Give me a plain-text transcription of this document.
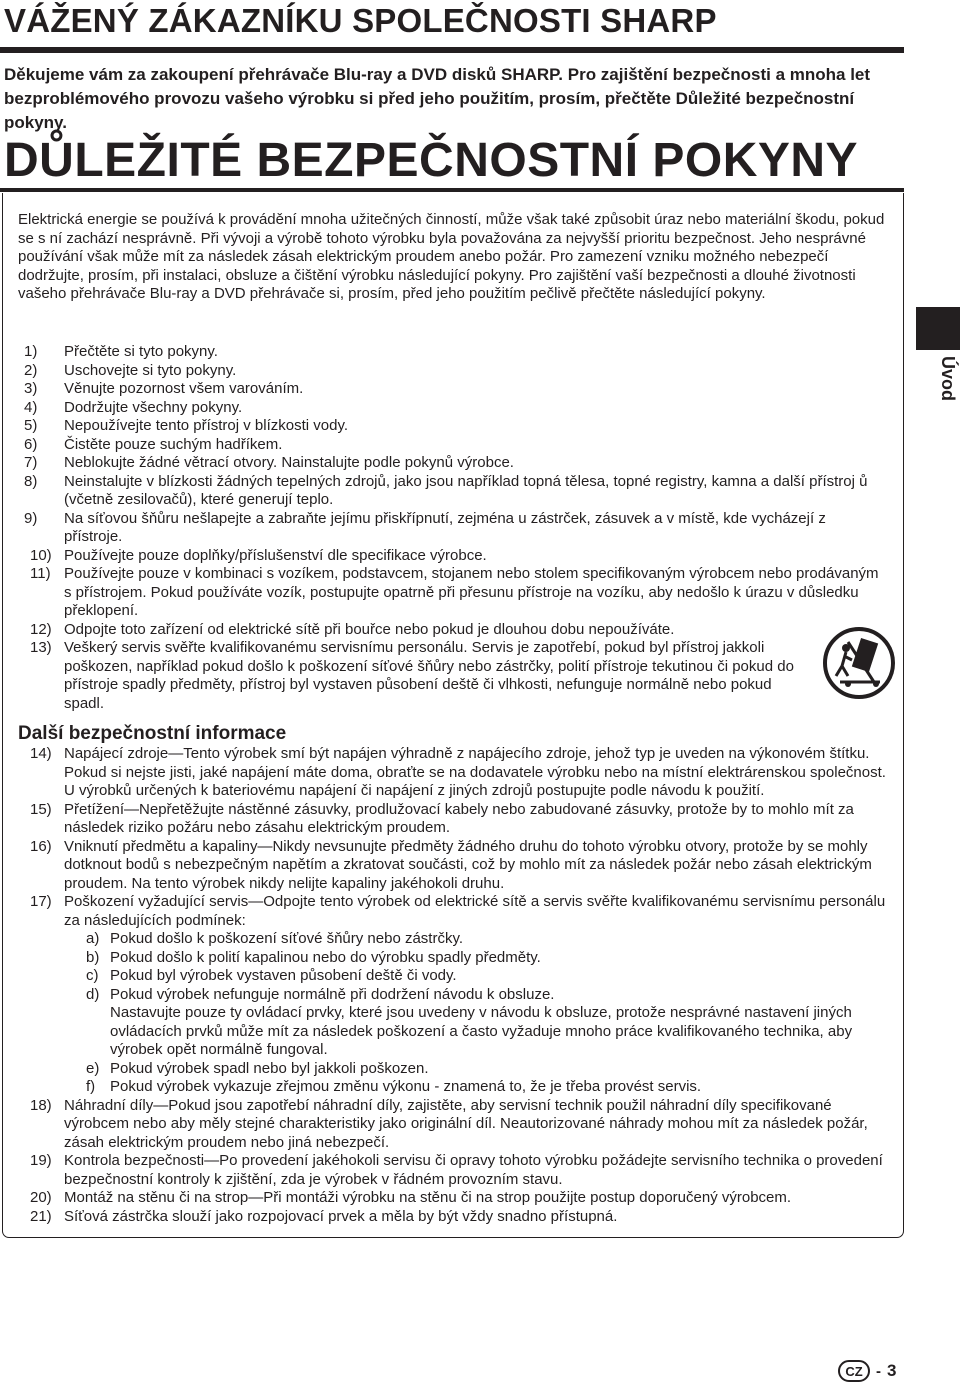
VÁŽENÝ ZÁKAZNÍKU SPOLEČNOSTI SHARP

Děkujeme vám za zakoupení přehrávače Blu-ray a DVD disků SHARP. Pro zajištění bezpečnosti a mnoha let bezproblémového provozu vašeho výrobku si před jeho použitím, prosím, přečtěte Důležité bezpečnostní pokyny.

DŮLEŽITÉ BEZPEČNOSTNÍ POKYNY

Elektrická energie se používá k provádění mnoha užitečných činností, může však také způsobit úraz nebo materiální škodu, pokud se s ní zachází nesprávně. Při vývoji a výrobě tohoto výrobku byla považována za nejvyšší prioritu bezpečnost. Jeho nesprávné používání však může mít za následek zásah elektrickým proudem anebo požár. Pro zamezení vzniku možného nebezpečí dodržujte, prosím, při instalaci, obsluze a čištění výrobku následující pokyny. Pro zajištění vaší bezpečnosti a dlouhé životnosti vašeho přehrávače Blu-ray a DVD přehrávače si, prosím, před jeho použitím pečlivě přečtěte následující pokyny.

1)	Přečtěte si tyto pokyny.
2)	Uschovejte si tyto pokyny.
3)	Věnujte pozornost všem varováním.
4)	Dodržujte všechny pokyny.
5)	Nepoužívejte tento přístroj v blízkosti vody.
6)	Čistěte pouze suchým hadříkem.
7)	Neblokujte žádné větrací otvory. Nainstalujte podle pokynů výrobce.
8)	Neinstalujte v blízkosti žádných tepelných zdrojů, jako jsou například topná tělesa, topné registry, kamna a další přístroj ů (včetně zesilovačů), které generují teplo.
9)	Na síťovou šňůru nešlapejte a zabraňte jejímu přiskřípnutí, zejména u zástrček, zásuvek a v místě, kde vycházejí z přístroje.
10) Používejte pouze doplňky/příslušenství dle specifikace výrobce.
11) Používejte pouze v kombinaci s vozíkem, podstavcem, stojanem nebo stolem specifikovaným výrobcem nebo prodávaným s přístrojem. Pokud používáte vozík, postupujte opatrně při přesunu přístroje na vozíku, aby nedošlo k úrazu v důsledku překlopení.
12) Odpojte toto zařízení od elektrické sítě při bouřce nebo pokud je dlouhou dobu nepoužíváte.
13) Veškerý servis svěřte kvalifikovanému servisnímu personálu. Servis je zapotřebí, pokud byl přístroj jakkoli poškozen, například pokud došlo k poškození síťové šňůry nebo zástrčky, polití přístroje tekutinou či pokud do přístroje spadly předměty, přístroj byl vystaven působení deště či vlhkosti, nefunguje normálně nebo pokud spadl.
Další bezpečnostní informace
14) Napájecí zdroje—Tento výrobek smí být napájen výhradně z napájecího zdroje, jehož typ je uveden na výkonovém štítku. Pokud si nejste jisti, jaké napájení máte doma, obraťte se na dodavatele výrobku nebo na místní elektrárenskou společnost. U výrobků určených k bateriovému napájení či napájení z jiných zdrojů postupujte podle návodu k použití.
15) Přetížení—Nepřetěžujte nástěnné zásuvky, prodlužovací kabely nebo zabudované zásuvky, protože by to mohlo mít za následek riziko požáru nebo zásahu elektrickým proudem.
16) Vniknutí předmětu a kapaliny—Nikdy nevsunujte předměty žádného druhu do tohoto výrobku otvory, protože by se mohly dotknout bodů s nebezpečným napětím a zkratovat součásti, což by mohlo mít za následek požár nebo zásah elektrickým proudem. Na tento výrobek nikdy nelijte kapaliny jakéhokoli druhu.
17) Poškození vyžadující servis—Odpojte tento výrobek od elektrické sítě a servis svěřte kvalifikovanému servisnímu personálu za následujících podmínek:
a) Pokud došlo k poškození síťové šňůry nebo zástrčky.
b) Pokud došlo k polití kapalinou nebo do výrobku spadly předměty.
c) Pokud byl výrobek vystaven působení deště či vody.
d) Pokud výrobek nefunguje normálně při dodržení návodu k obsluze.
Nastavujte pouze ty ovládací prvky, které jsou uvedeny v návodu k obsluze, protože nesprávné nastavení jiných ovládacích prvků může mít za následek poškození a často vyžaduje mnoho práce kvalifikovaného technika, aby výrobek opět normálně fungoval.
e) Pokud výrobek spadl nebo byl jakkoli poškozen.
f) Pokud výrobek vykazuje zřejmou změnu výkonu - znamená to, že je třeba provést servis.
18) Náhradní díly—Pokud jsou zapotřebí náhradní díly, zajistěte, aby servisní technik použil náhradní díly specifikované výrobcem nebo aby měly stejné charakteristiky jako originální díl. Neautorizované náhrady mohou mít za následek požár, zásah elektrickým proudem nebo jiná nebezpečí.
19) Kontrola bezpečnosti—Po provedení jakéhokoli servisu či opravy tohoto výrobku požádejte servisního technika o provedení bezpečnostní kontroly k zjištění, zda je výrobek v řádném provozním stavu.
20) Montáž na stěnu či na strop—Při montáži výrobku na stěnu či na strop použijte postup doporučený výrobcem.
21) Síťová zástrčka slouží jako rozpojovací prvek a měla by být vždy snadno přístupná.
Úvod
CZ - 3
